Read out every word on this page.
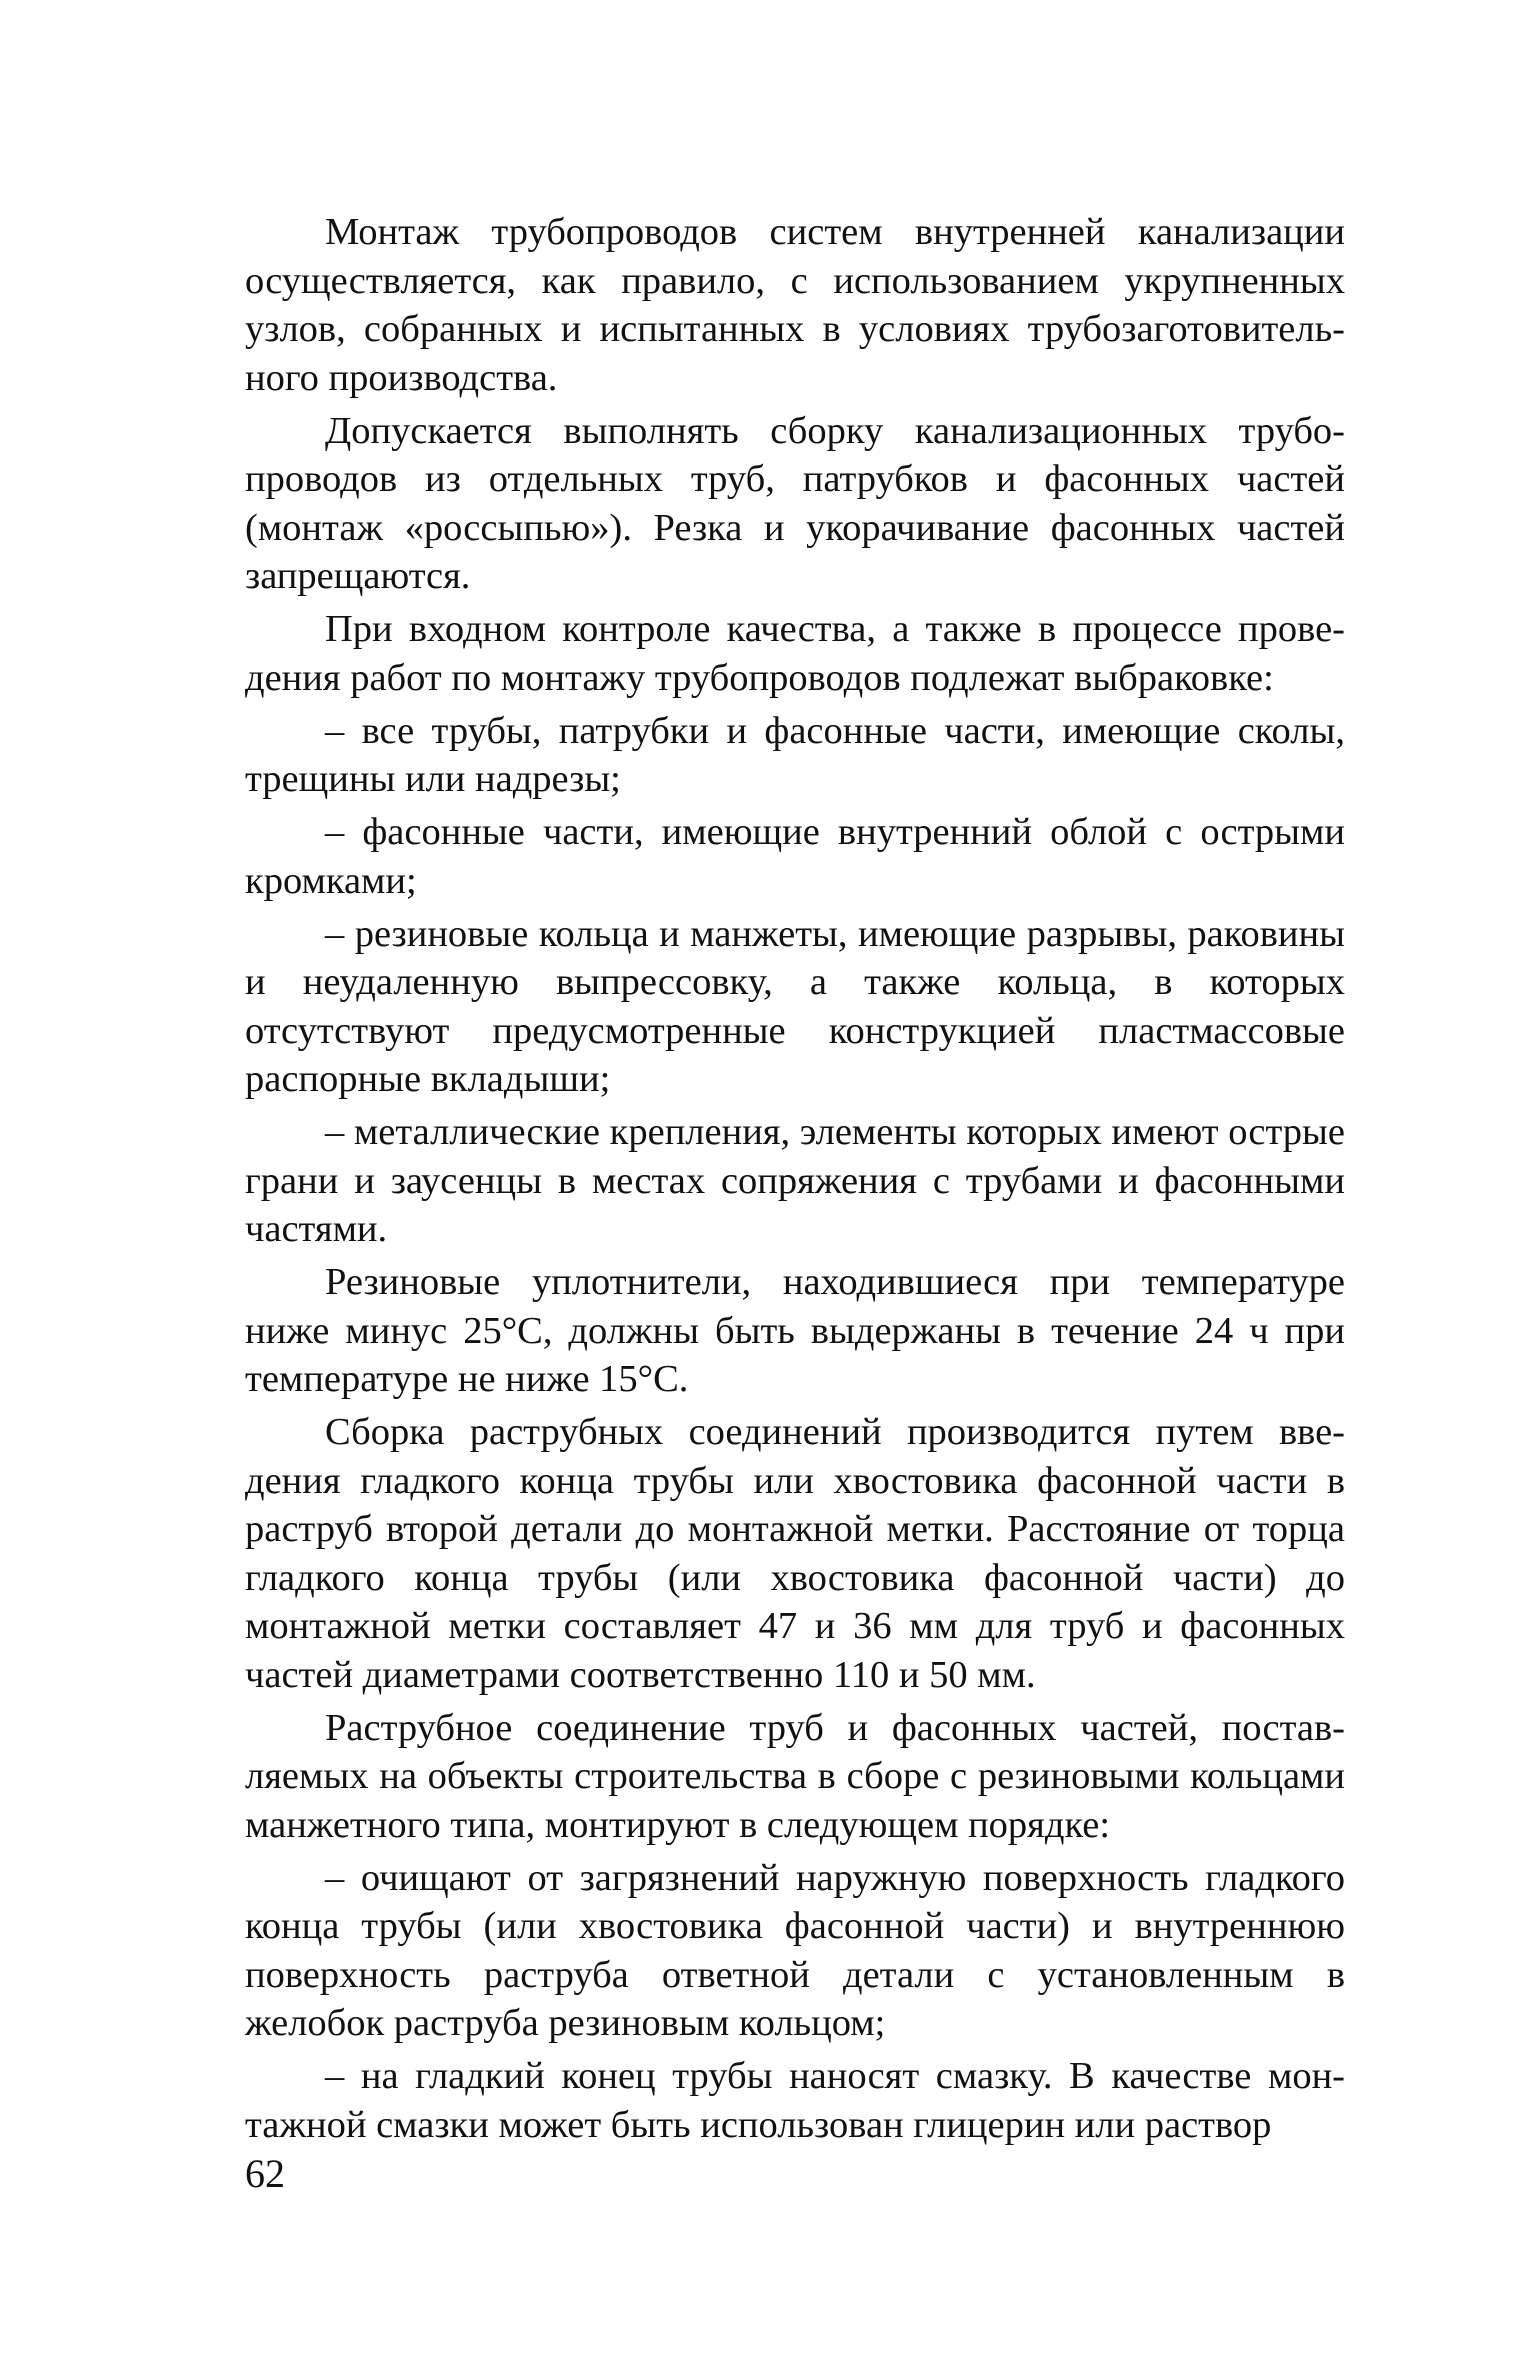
Монтаж трубопроводов систем внутренней канализации осуществляется, как правило, с использованием укрупненных узлов, собранных и испытанных в условиях трубозаготовительного производства.

Допускается выполнять сборку канализационных трубопроводов из отдельных труб, патрубков и фасонных частей (монтаж «россыпью»). Резка и укорачивание фасонных частей запрещаются.

При входном контроле качества, а также в процессе проведения работ по монтажу трубопроводов подлежат выбраковке:

– все трубы, патрубки и фасонные части, имеющие сколы, трещины или надрезы;

– фасонные части, имеющие внутренний облой с острыми кромками;

– резиновые кольца и манжеты, имеющие разрывы, раковины и неудаленную выпрессовку, а также кольца, в которых отсутствуют предусмотренные конструкцией пластмассовые распорные вкладыши;

– металлические крепления, элементы которых имеют острые грани и заусенцы в местах сопряжения с трубами и фасонными частями.

Резиновые уплотнители, находившиеся при температуре ниже минус 25°С, должны быть выдержаны в течение 24 ч при температуре не ниже 15°С.

Сборка раструбных соединений производится путем введения гладкого конца трубы или хвостовика фасонной части в раструб второй детали до монтажной метки. Расстояние от торца гладкого конца трубы (или хвостовика фасонной части) до монтажной метки составляет 47 и 36 мм для труб и фасонных частей диаметрами соответственно 110 и 50 мм.

Раструбное соединение труб и фасонных частей, поставляемых на объекты строительства в сборе с резиновыми кольцами манжетного типа, монтируют в следующем порядке:

– очищают от загрязнений наружную поверхность гладкого конца трубы (или хвостовика фасонной части) и внутреннюю поверхность раструба ответной детали с установленным в желобок раструба резиновым кольцом;

– на гладкий конец трубы наносят смазку. В качестве монтажной смазки может быть использован глицерин или раствор

62
